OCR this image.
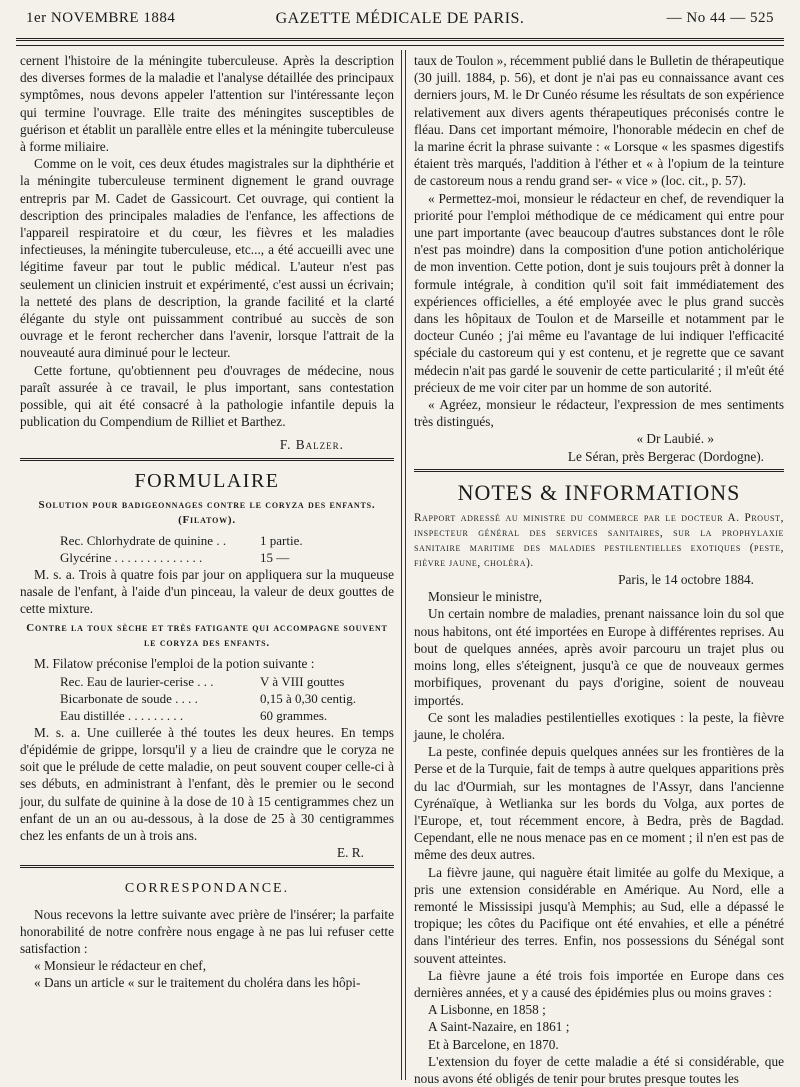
1er NOVEMBRE 1884	GAZETTE MÉDICALE DE PARIS.	— No 44 — 525

cernent l'histoire de la méningite tuberculeuse. Après la description des diverses formes de la maladie et l'analyse détaillée des principaux symptômes, nous devons appeler l'attention sur l'intéressante leçon qui termine l'ouvrage. Elle traite des méningites susceptibles de guérison et établit un parallèle entre elles et la méningite tuberculeuse à forme miliaire.

Comme on le voit, ces deux études magistrales sur la diphthérie et la méningite tuberculeuse terminent dignement le grand ouvrage entrepris par M. Cadet de Gassicourt. Cet ouvrage, qui contient la description des principales maladies de l'enfance, les affections de l'appareil respiratoire et du cœur, les fièvres et les maladies infectieuses, la méningite tuberculeuse, etc..., a été accueilli avec une légitime faveur par tout le public médical. L'auteur n'est pas seulement un clinicien instruit et expérimenté, c'est aussi un écrivain; la netteté des plans de description, la grande facilité et la clarté élégante du style ont puissamment contribué au succès de son ouvrage et le feront rechercher dans l'avenir, lorsque l'attrait de la nouveauté aura diminué pour le lecteur.

Cette fortune, qu'obtiennent peu d'ouvrages de médecine, nous paraît assurée à ce travail, le plus important, sans contestation possible, qui ait été consacré à la pathologie infantile depuis la publication du Compendium de Rilliet et Barthez.

F. Balzer.
FORMULAIRE
Solution pour badigeonnages contre le coryza des enfants. (Filatow).
Rec. Chlorhydrate de quinine . .	1 partie.
Glycérine . . . . . . . . . . . . . .	15 —

M. s. a. Trois à quatre fois par jour on appliquera sur la muqueuse nasale de l'enfant, à l'aide d'un pinceau, la valeur de deux gouttes de cette mixture.

Contre la toux sèche et très fatigante qui accompagne souvent le coryza des enfants.

M. Filatow préconise l'emploi de la potion suivante :

Rec. Eau de laurier-cerise . . .	V à VIII gouttes
Bicarbonate de soude . . . .	0,15 à 0,30 centig.
Eau distillée . . . . . . . . .	60 grammes.

M. s. a. Une cuillerée à thé toutes les deux heures. En temps d'épidémie de grippe, lorsqu'il y a lieu de craindre que le coryza ne soit que le prélude de cette maladie, on peut souvent couper celle-ci à ses débuts, en administrant à l'enfant, dès le premier ou le second jour, du sulfate de quinine à la dose de 10 à 15 centigrammes chez un enfant de un an ou au-dessous, à la dose de 25 à 30 centigrammes chez les enfants de un à trois ans.

E. R.
CORRESPONDANCE.

Nous recevons la lettre suivante avec prière de l'insérer; la parfaite honorabilité de notre confrère nous engage à ne pas lui refuser cette satisfaction :

« Monsieur le rédacteur en chef,

« Dans un article « sur le traitement du choléra dans les hôpi-

taux de Toulon », récemment publié dans le Bulletin de thérapeutique (30 juill. 1884, p. 56), et dont je n'ai pas eu connaissance avant ces derniers jours, M. le Dr Cunéo résume les résultats de son expérience relativement aux divers agents thérapeutiques préconisés contre le fléau. Dans cet important mémoire, l'honorable médecin en chef de la marine écrit la phrase suivante : « Lorsque « les spasmes digestifs étaient très marqués, l'addition à l'éther et « à l'opium de la teinture de castoreum nous a rendu grand ser- « vice » (loc. cit., p. 57).

« Permettez-moi, monsieur le rédacteur en chef, de revendiquer la priorité pour l'emploi méthodique de ce médicament qui entre pour une part importante (avec beaucoup d'autres substances dont le rôle n'est pas moindre) dans la composition d'une potion anticholérique de mon invention. Cette potion, dont je suis toujours prêt à donner la formule intégrale, à condition qu'il soit fait immédiatement des expériences officielles, a été employée avec le plus grand succès dans les hôpitaux de Toulon et de Marseille et notamment par le docteur Cunéo ; j'ai même eu l'avantage de lui indiquer l'efficacité spéciale du castoreum qui y est contenu, et je regrette que ce savant médecin n'ait pas gardé le souvenir de cette particularité ; il m'eût été précieux de me voir citer par un homme de son autorité.

« Agréez, monsieur le rédacteur, l'expression de mes sentiments très distingués,

« Dr Laubié. »
Le Séran, près Bergerac (Dordogne).
NOTES & INFORMATIONS
Rapport adressé au ministre du commerce par le docteur A. Proust, inspecteur général des services sanitaires, sur la prophylaxie sanitaire maritime des maladies pestilentielles exotiques (peste, fièvre jaune, choléra).
Paris, le 14 octobre 1884.

Monsieur le ministre,

Un certain nombre de maladies, prenant naissance loin du sol que nous habitons, ont été importées en Europe à différentes reprises. Au bout de quelques années, après avoir parcouru un trajet plus ou moins long, elles s'éteignent, jusqu'à ce que de nouveaux germes morbifiques, provenant du pays d'origine, soient de nouveau importés.

Ce sont les maladies pestilentielles exotiques : la peste, la fièvre jaune, le choléra.

La peste, confinée depuis quelques années sur les frontières de la Perse et de la Turquie, fait de temps à autre quelques apparitions près du lac d'Ourmiah, sur les montagnes de l'Assyr, dans l'ancienne Cyrénaïque, à Wetlianka sur les bords du Volga, aux portes de l'Europe, et, tout récemment encore, à Bedra, près de Bagdad. Cependant, elle ne nous menace pas en ce moment ; il n'en est pas de même des deux autres.

La fièvre jaune, qui naguère était limitée au golfe du Mexique, a pris une extension considérable en Amérique. Au Nord, elle a remonté le Mississipi jusqu'à Memphis; au Sud, elle a dépassé le tropique; les côtes du Pacifique ont été envahies, et elle a pénétré dans l'intérieur des terres. Enfin, nos possessions du Sénégal sont souvent atteintes.

La fièvre jaune a été trois fois importée en Europe dans ces dernières années, et y a causé des épidémies plus ou moins graves :

A Lisbonne, en 1858 ;

A Saint-Nazaire, en 1861 ;

Et à Barcelone, en 1870.

L'extension du foyer de cette maladie a été si considérable, que nous avons été obligés de tenir pour brutes presque toutes les
